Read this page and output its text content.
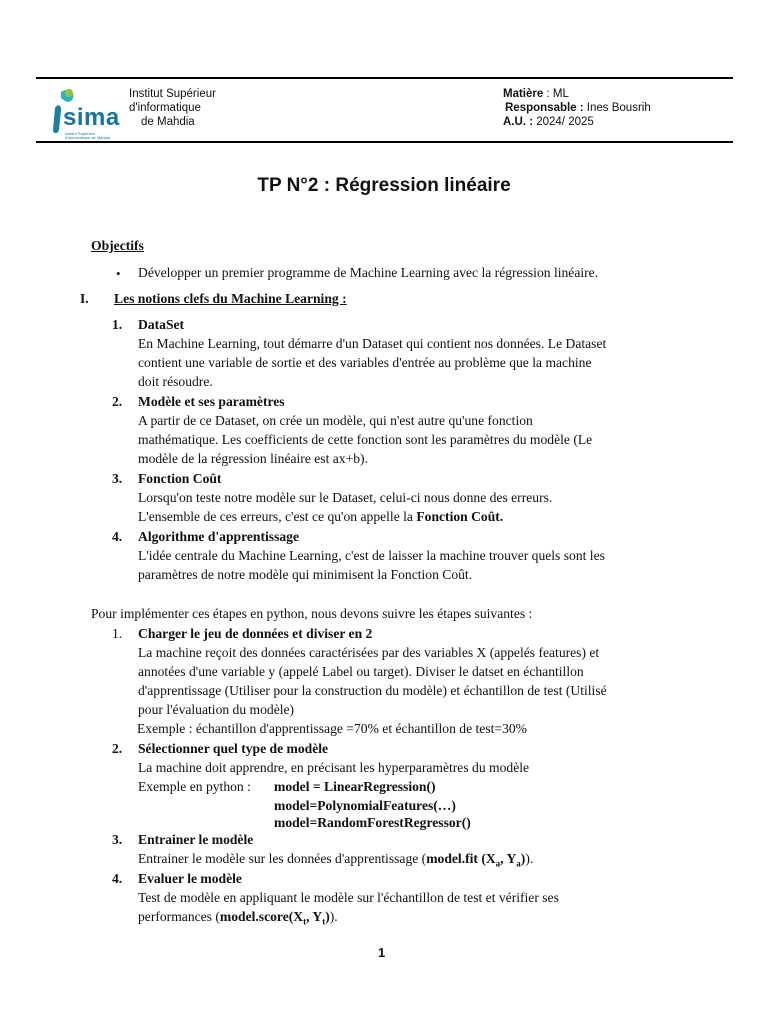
sima
Institut Supérieur d'Informatique de Mahdia
Institut Supérieur
d'informatique
de Mahdia
Matière : ML
Responsable : Ines Bousrih
A.U. : 2024/ 2025
TP N°2 : Régression linéaire
Objectifs
• Développer un premier programme de Machine Learning avec la régression linéaire.
I. Les notions clefs du Machine Learning :
1. DataSet
En Machine Learning, tout démarre d'un Dataset qui contient nos données. Le Dataset
contient une variable de sortie et des variables d'entrée au problème que la machine
doit résoudre.
2. Modèle et ses paramètres
A partir de ce Dataset, on crée un modèle, qui n'est autre qu'une fonction
mathématique. Les coefficients de cette fonction sont les paramètres du modèle (Le
modèle de la régression linéaire est ax+b).
3. Fonction Coût
Lorsqu'on teste notre modèle sur le Dataset, celui-ci nous donne des erreurs.
L'ensemble de ces erreurs, c'est ce qu'on appelle la Fonction Coût.
4. Algorithme d'apprentissage
L'idée centrale du Machine Learning, c'est de laisser la machine trouver quels sont les
paramètres de notre modèle qui minimisent la Fonction Coût.
Pour implémenter ces étapes en python, nous devons suivre les étapes suivantes :
1. Charger le jeu de données et diviser en 2
La machine reçoit des données caractérisées par des variables X (appelés features) et
annotées d'une variable y (appelé Label ou target). Diviser le datset en échantillon
d'apprentissage (Utiliser pour la construction du modèle) et échantillon de test (Utilisé
pour l'évaluation du modèle)
Exemple : échantillon d'apprentissage =70% et échantillon de test=30%
2. Sélectionner quel type de modèle
La machine doit apprendre, en précisant les hyperparamètres du modèle
Exemple en python : model = LinearRegression()
model=PolynomialFeatures(…)
model=RandomForestRegressor()
3. Entrainer le modèle
Entrainer le modèle sur les données d'apprentissage (model.fit ($X_a$, $Y_a$)).
4. Evaluer le modèle
Test de modèle en appliquant le modèle sur l'échantillon de test et vérifier ses
performances ($model.score(X_t$, $Y_t$)).
1
